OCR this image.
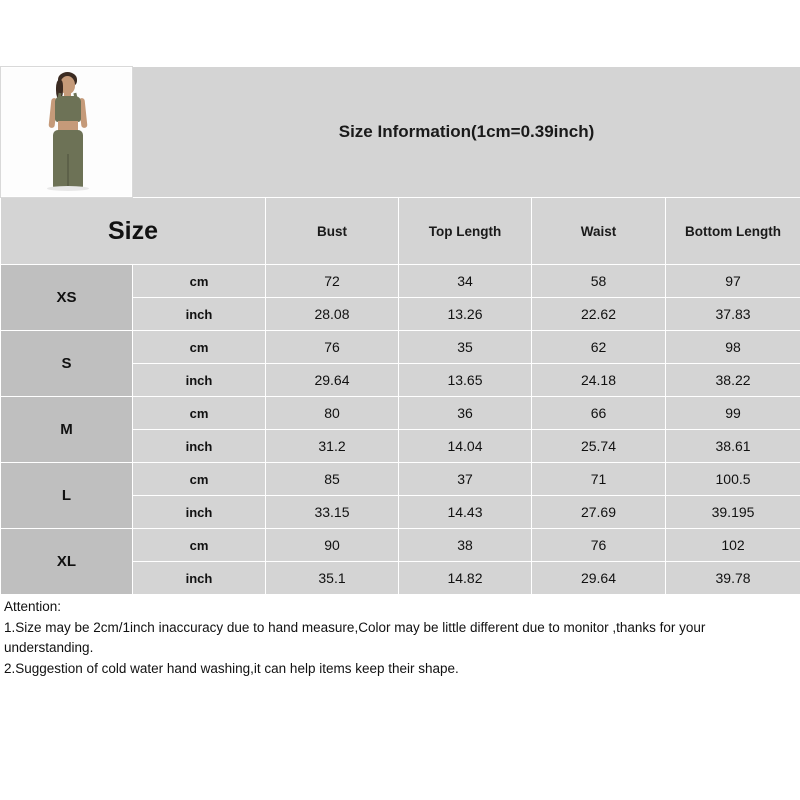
	Size Information(1cm=0.39inch)				
Size		Bust	Top Length	Waist	Bottom Length
XS	cm	72	34	58	97
	inch	28.08	13.26	22.62	37.83
S	cm	76	35	62	98
	inch	29.64	13.65	24.18	38.22
M	cm	80	36	66	99
	inch	31.2	14.04	25.74	38.61
L	cm	85	37	71	100.5
	inch	33.15	14.43	27.69	39.195
XL	cm	90	38	76	102
	inch	35.1	14.82	29.64	39.78
Attention:
1.Size may be 2cm/1inch inaccuracy due to hand measure,Color may be little different due to monitor ,thanks for your understanding.
2.Suggestion of cold water hand washing,it can help items keep their shape.
